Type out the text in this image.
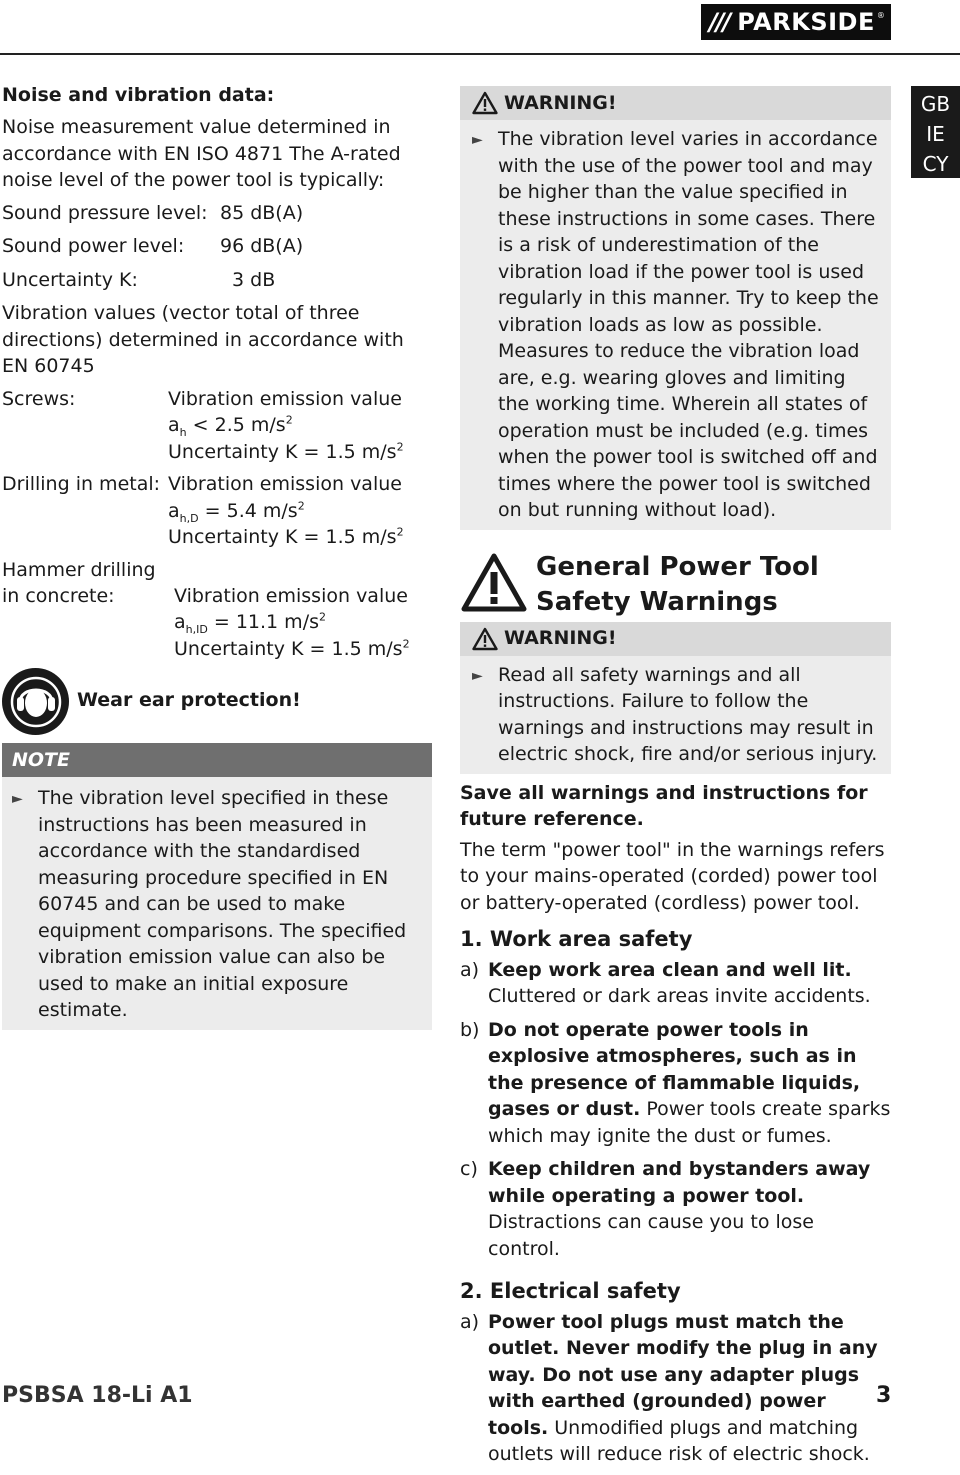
/// PARKSIDE ®
GB
IE
CY
Noise and vibration data:
Noise measurement value determined in accordance with EN ISO 4871 The A-rated noise level of the power tool is typically:
Sound pressure level: 85 dB(A)
Sound power level:	96 dB(A)
Uncertainty K:	3 dB
Vibration values (vector total of three directions) determined in accordance with EN 60745
Screws:	Vibration emission value
$a_h < 2.5$ $m/s^2$
Uncertainty K = 1.5 $m/s^2$
Drilling in metal: Vibration emission value
$a_{h,D} = 5.4$ $m/s^2$
Uncertainty K = 1.5 $m/s^2$
Hammer drilling
in concrete:	Vibration emission value
$a_{h,ID} = 11.1$ $m/s^2$
Uncertainty K = 1.5 $m/s^2$
Wear ear protection!
NOTE
► The vibration level specified in these instructions has been measured in accordance with the standardised measuring procedure specified in EN 60745 and can be used to make equipment comparisons. The specified vibration emission value can also be used to make an initial exposure estimate.
WARNING!
► The vibration level varies in accordance with the use of the power tool and may be higher than the value specified in these instructions in some cases. There is a risk of underestimation of the vibration load if the power tool is used regularly in this manner. Try to keep the vibration loads as low as possible. Measures to reduce the vibration load are, e.g. wearing gloves and limiting the working time. Wherein all states of operation must be included (e.g. times when the power tool is switched off and times where the power tool is switched on but running without load).
General Power Tool
Safety Warnings
WARNING!
► Read all safety warnings and all instructions. Failure to follow the warnings and instructions may result in electric shock, fire and/or serious injury.
Save all warnings and instructions for future reference.
The term "power tool" in the warnings refers to your mains-operated (corded) power tool or battery-operated (cordless) power tool.
1. Work area safety
a) Keep work area clean and well lit. Cluttered or dark areas invite accidents.
b) Do not operate power tools in explosive atmospheres, such as in the presence of flammable liquids, gases or dust. Power tools create sparks which may ignite the dust or fumes.
c) Keep children and bystanders away while operating a power tool. Distractions can cause you to lose control.
2. Electrical safety
a) Power tool plugs must match the outlet. Never modify the plug in any way. Do not use any adapter plugs with earthed (grounded) power tools. Unmodified plugs and matching outlets will reduce risk of electric shock.
PSBSA 18-Li A1	3
